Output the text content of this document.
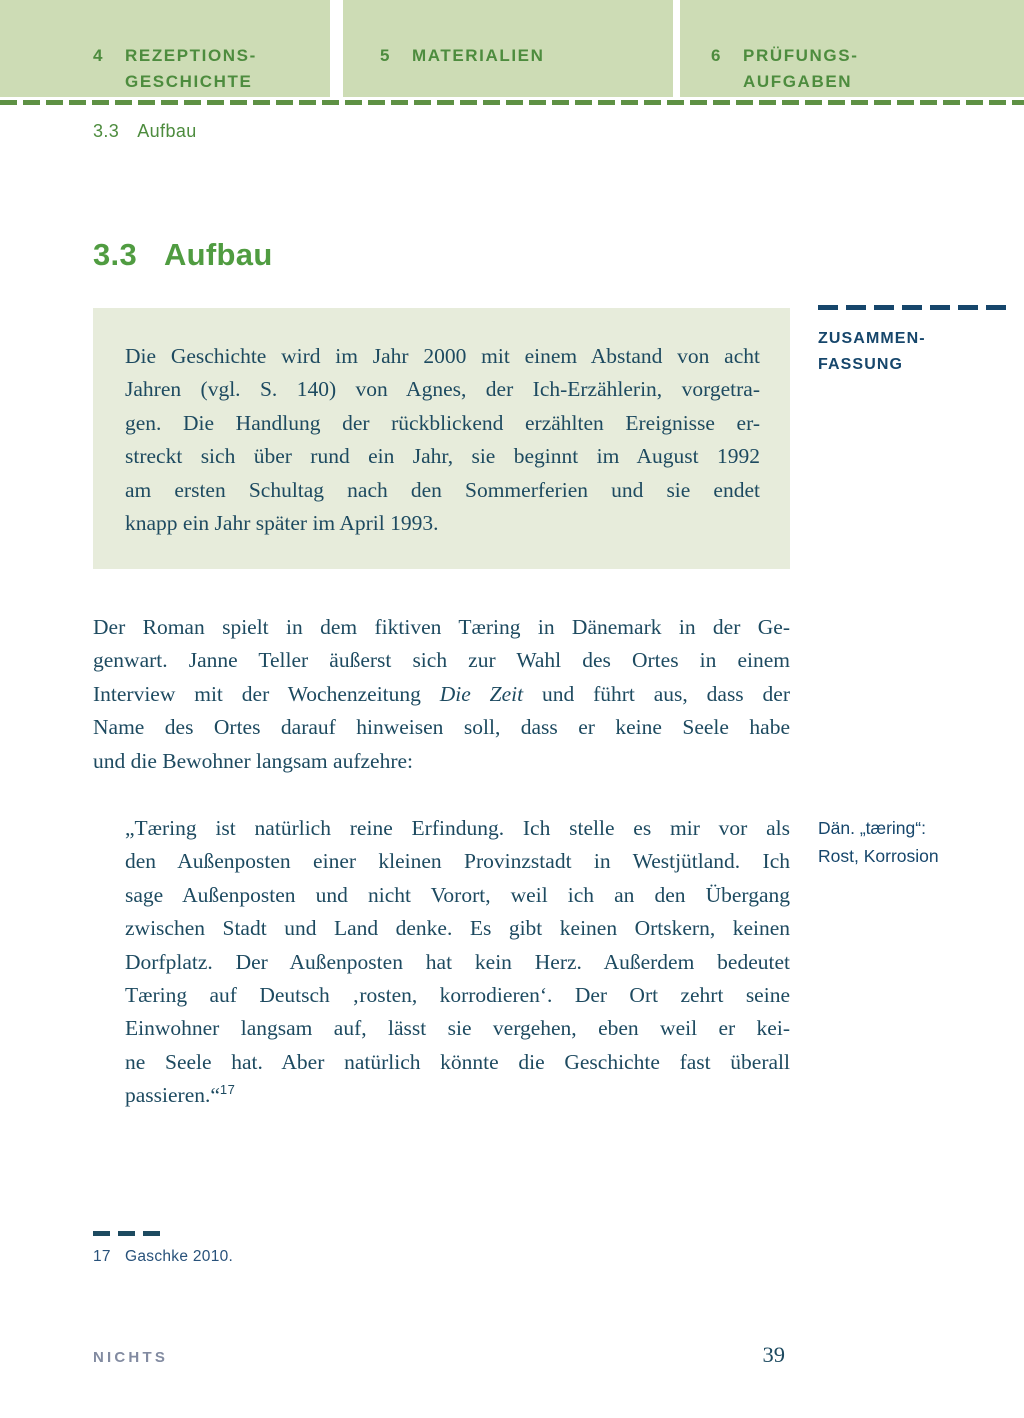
4	REZEPTIONS-
GESCHICHTE
5	MATERIALIEN	6	PRÜFUNGS-
AUFGABEN
3.3 Aufbau
3.3 Aufbau
Die Geschichte wird im Jahr 2000 mit einem Abstand von acht
Jahren (vgl. S. 140) von Agnes, der Ich-Erzählerin, vorgetra-
gen. Die Handlung der rückblickend erzählten Ereignisse er-
streckt sich über rund ein Jahr, sie beginnt im August 1992
am ersten Schultag nach den Sommerferien und sie endet
knapp ein Jahr später im April 1993.
ZUSAMMEN-
FASSUNG
Der Roman spielt in dem fiktiven Tæring in Dänemark in der Ge-
genwart. Janne Teller äußerst sich zur Wahl des Ortes in einem
Interview mit der Wochenzeitung Die Zeit und führt aus, dass der
Name des Ortes darauf hinweisen soll, dass er keine Seele habe
und die Bewohner langsam aufzehre:
„Tæring ist natürlich reine Erfindung. Ich stelle es mir vor als
den Außenposten einer kleinen Provinzstadt in Westjütland. Ich
sage Außenposten und nicht Vorort, weil ich an den Übergang
zwischen Stadt und Land denke. Es gibt keinen Ortskern, keinen
Dorfplatz. Der Außenposten hat kein Herz. Außerdem bedeutet
Tæring auf Deutsch ‚rosten, korrodieren‘. Der Ort zehrt seine
Einwohner langsam auf, lässt sie vergehen, eben weil er kei-
ne Seele hat. Aber natürlich könnte die Geschichte fast überall
passieren.“$^{17}$
Dän. „tæring“:
Rost, Korrosion
17 Gaschke 2010.
NICHTS	39
